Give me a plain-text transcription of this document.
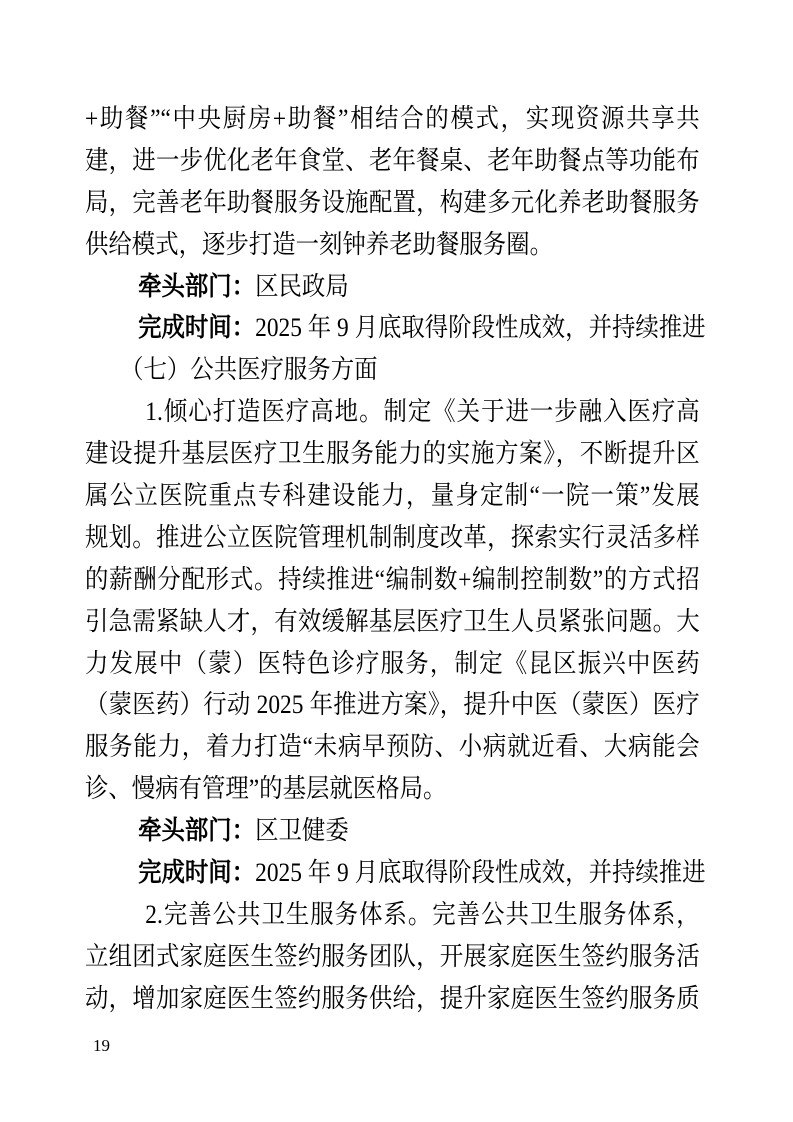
+助餐”“中央厨房+助餐”相结合的模式，实现资源共享共
建，进一步优化老年食堂、老年餐桌、老年助餐点等功能布
局，完善老年助餐服务设施配置，构建多元化养老助餐服务
供给模式，逐步打造一刻钟养老助餐服务圈。
牵头部门：区民政局
完成时间：2025 年 9 月底取得阶段性成效，并持续推进
（七）公共医疗服务方面
1.倾心打造医疗高地。制定《关于进一步融入医疗高
建设提升基层医疗卫生服务能力的实施方案》，不断提升区
属公立医院重点专科建设能力，量身定制“一院一策”发展
规划。推进公立医院管理机制制度改革，探索实行灵活多样
的薪酬分配形式。持续推进“编制数+编制控制数”的方式招
引急需紧缺人才，有效缓解基层医疗卫生人员紧张问题。大
力发展中（蒙）医特色诊疗服务，制定《昆区振兴中医药
（蒙医药）行动 2025 年推进方案》，提升中医（蒙医）医疗
服务能力，着力打造“未病早预防、小病就近看、大病能会
诊、慢病有管理”的基层就医格局。
牵头部门：区卫健委
完成时间：2025 年 9 月底取得阶段性成效，并持续推进
2.完善公共卫生服务体系。完善公共卫生服务体系，
立组团式家庭医生签约服务团队，开展家庭医生签约服务活
动，增加家庭医生签约服务供给，提升家庭医生签约服务质
19
